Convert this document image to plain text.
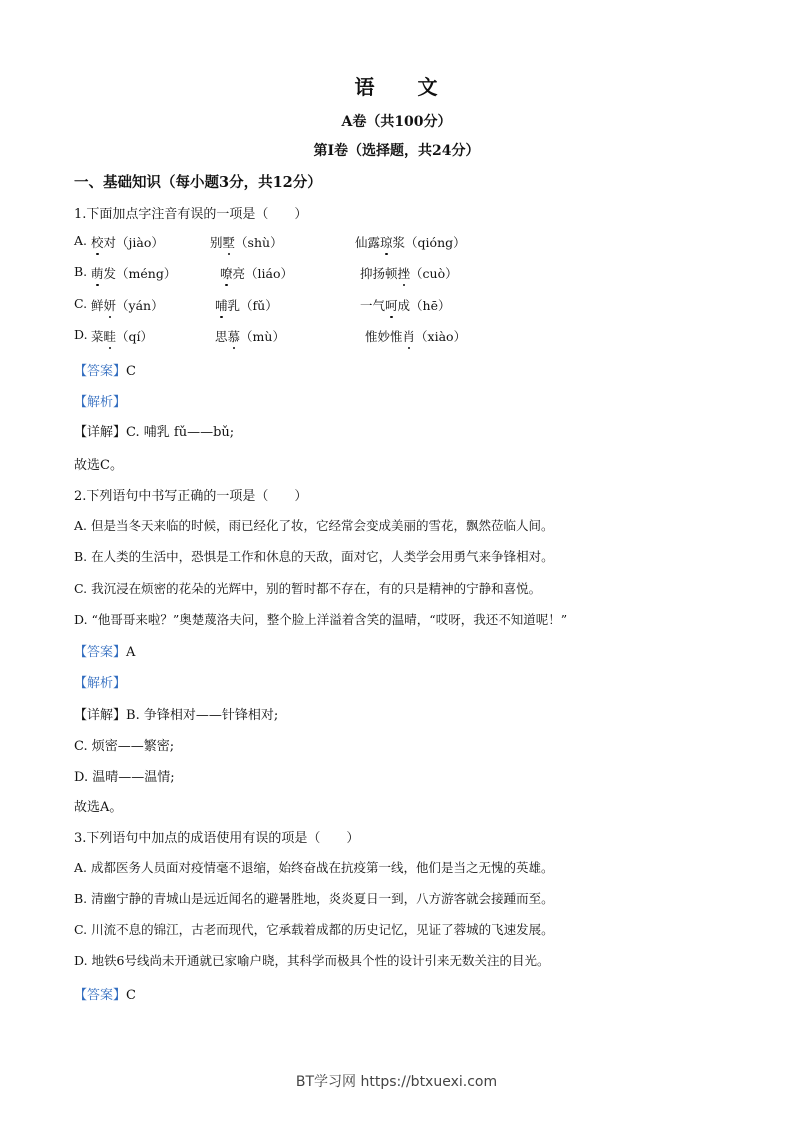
语　　文
A卷（共100分）
第I卷（选择题，共24分）
一、基础知识（每小题3分，共12分）
1.下面加点字注音有误的一项是（　　）
A. 校对（jiào）	别墅（shù）	仙露琼浆（qióng）
B. 萌发（méng）	嘹亮（liáo）	抑扬顿挫（cuò）
C. 鲜妍（yán）	哺乳（fǔ）	一气呵成（hē）
D. 菜畦（qí）	思慕（mù）	惟妙惟肖（xiào）
【答案】C
【解析】
【详解】C. 哺乳 fǔ——bǔ;
故选C。
2.下列语句中书写正确的一项是（　　）
A. 但是当冬天来临的时候，雨已经化了妆，它经常会变成美丽的雪花，飘然莅临人间。
B. 在人类的生活中，恐惧是工作和休息的天敌，面对它，人类学会用勇气来争锋相对。
C. 我沉浸在烦密的花朵的光辉中，别的暂时都不存在，有的只是精神的宁静和喜悦。
D. “他哥哥来啦？”奥楚蔑洛夫问，整个脸上洋溢着含笑的温晴，“哎呀，我还不知道呢！”
【答案】A
【解析】
【详解】B. 争锋相对——针锋相对;
C. 烦密——繁密;
D. 温晴——温情;
故选A。
3.下列语句中加点的成语使用有误的项是（　　）
A. 成都医务人员面对疫情毫不退缩，始终奋战在抗疫第一线，他们是当之无愧的英雄。
B. 清幽宁静的青城山是远近闻名的避暑胜地，炎炎夏日一到，八方游客就会接踵而至。
C. 川流不息的锦江，古老而现代，它承载着成都的历史记忆，见证了蓉城的飞速发展。
D. 地铁6号线尚未开通就已家喻户晓，其科学而极具个性的设计引来无数关注的目光。
【答案】C
BT学习网 https://btxuexi.com
